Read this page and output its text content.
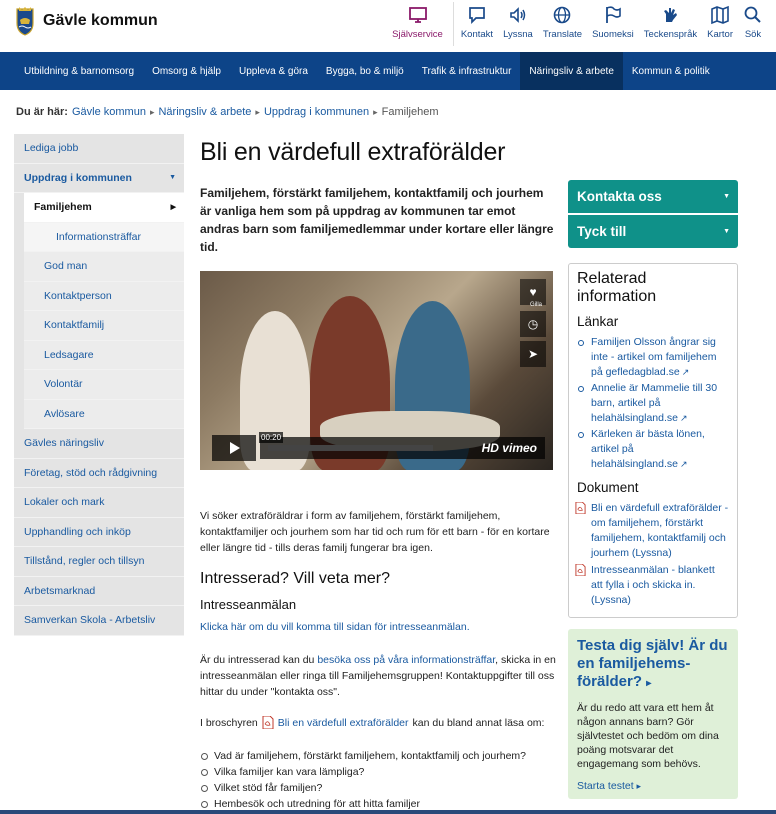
Gävle kommun
Självservice Kontakt Lyssna Translate Suomeksi Teckenspråk Kartor Sök
Utbildning & barnomsorg	Omsorg & hjälp	Uppleva & göra	Bygga, bo & miljö	Trafik & infrastruktur	Näringsliv & arbete	Kommun & politik
Du är här: Gävle kommun ▸ Näringsliv & arbete ▸ Uppdrag i kommunen ▸ Familjehem
Lediga jobb
Uppdrag i kommunen	▼
Familjehem	▶
Informationsträffar
God man
Kontaktperson
Kontaktfamilj
Ledsagare
Volontär
Avlösare
Gävles näringsliv
Företag, stöd och rådgivning
Lokaler och mark
Upphandling och inköp
Tillstånd, regler och tillsyn
Arbetsmarknad
Samverkan Skola - Arbetsliv
Bli en värdefull extraförälder

Familjehem, förstärkt familjehem, kontaktfamilj och jourhem är vanliga hem som på uppdrag av kommunen tar emot andras barn som familjemedlemmar under kortare eller längre tid.

♥
Gilla
◷
➤
HD vimeo
00:20

Vi söker extraföräldrar i form av familjehem, förstärkt familjehem, kontaktfamiljer och jourhem som har tid och rum för ett barn - för en kortare eller längre tid - tills deras familj fungerar bra igen.

Intresserad? Vill veta mer?
Intresseanmälan
Klicka här om du vill komma till sidan för intresseanmälan.

Är du intresserad kan du besöka oss på våra informationsträffar, skicka in en intresseanmälan eller ringa till Familjehemsgruppen! Kontaktuppgifter till oss hittar du under "kontakta oss".

I broschyren Bli en värdefull extraförälder kan du bland annat läsa om:
Vad är familjehem, förstärkt familjehem, kontaktfamilj och jourhem?
Vilka familjer kan vara lämpliga?
Vilket stöd får familjen?
Hembesök och utredning för att hitta familjer
Kontakta oss	▼
Tyck till	▼
Relaterad information
Länkar
Familjen Olsson ångrar sig inte - artikel om familjehem på gefledagblad.se ↗
Annelie är Mammelie till 30 barn, artikel på helahälsingland.se ↗
Kärleken är bästa lönen, artikel på helahälsingland.se ↗
Dokument
Bli en värdefull extraförälder - om familjehem, förstärkt familjehem, kontaktfamilj och jourhem (Lyssna)
Intresseanmälan - blankett att fylla i och skicka in. (Lyssna)
Testa dig själv! Är du en familjehems-förälder? ▸
Är du redo att vara ett hem åt någon annans barn? Gör självtestet och bedöm om dina poäng motsvarar det engagemang som behövs.
Starta testet ▸
